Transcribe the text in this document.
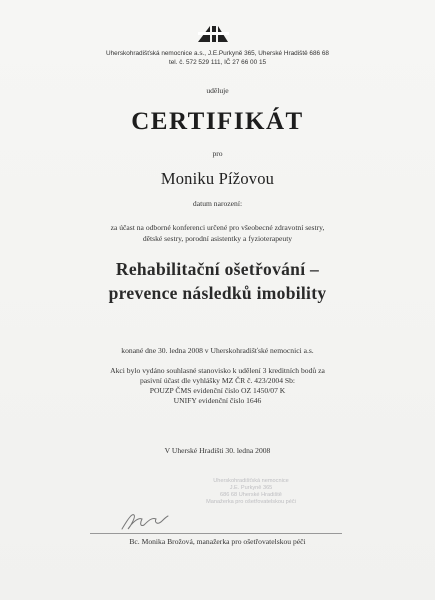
Uherskohradišťská nemocnice a.s., J.E.Purkyně 365, Uherské Hradiště 686 68
tel. č. 572 529 111, IČ 27 66 00 15
uděluje
CERTIFIKÁT
pro
Moniku Pížovou
datum narození:
za účast na odborné konferenci určené pro všeobecné zdravotní sestry,
dětské sestry, porodní asistentky a fyzioterapeuty
Rehabilitační ošetřování –
prevence následků imobility
konané dne 30. ledna 2008 v Uherskohradišťské nemocnici a.s.
Akci bylo vydáno souhlasné stanovisko k udělení 3 kreditních bodů za
pasivní účast dle vyhlášky MZ ČR č. 423/2004 Sb:
POUZP ČMS evidenční číslo OZ 1450/07 K
UNIFY evidenční číslo 1646
V Uherské Hradišti 30. ledna 2008
Uherskohradišťská nemocnice
J.E. Purkyně 365
686 68 Uherské Hradiště
Manažerka pro ošetřovatelskou péči
Bc. Monika Brožová, manažerka pro ošetřovatelskou péči
